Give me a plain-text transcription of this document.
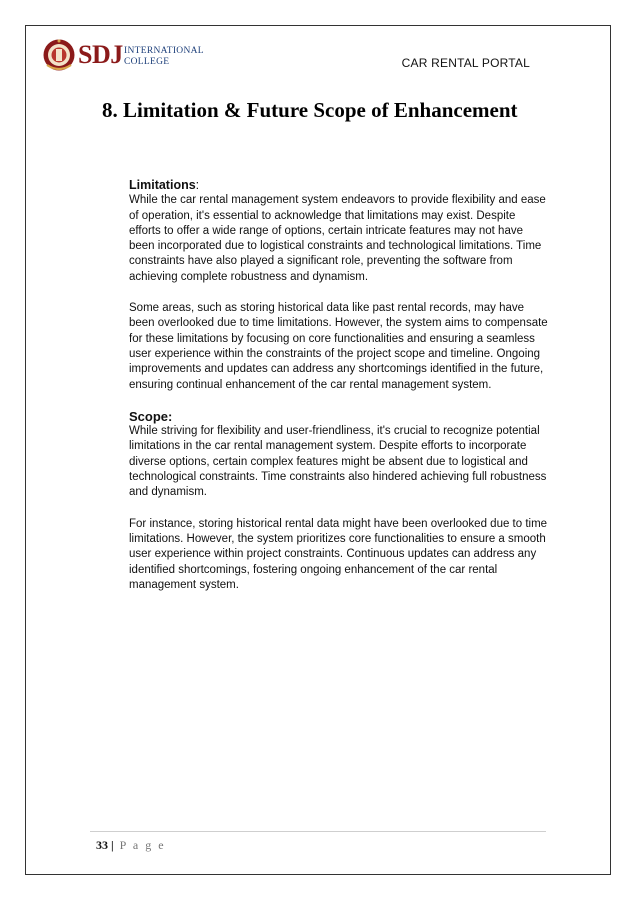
SDJ INTERNATIONAL
COLLEGE	CAR RENTAL PORTAL
8. Limitation & Future Scope of Enhancement
Limitations:

While the car rental management system endeavors to provide flexibility and ease of operation, it's essential to acknowledge that limitations may exist. Despite efforts to offer a wide range of options, certain intricate features may not have been incorporated due to logistical constraints and technological limitations. Time constraints have also played a significant role, preventing the software from achieving complete robustness and dynamism.

Some areas, such as storing historical data like past rental records, may have been overlooked due to time limitations. However, the system aims to compensate for these limitations by focusing on core functionalities and ensuring a seamless user experience within the constraints of the project scope and timeline. Ongoing improvements and updates can address any shortcomings identified in the future, ensuring continual enhancement of the car rental management system.

Scope:

While striving for flexibility and user-friendliness, it's crucial to recognize potential limitations in the car rental management system. Despite efforts to incorporate diverse options, certain complex features might be absent due to logistical and technological constraints. Time constraints also hindered achieving full robustness and dynamism.

For instance, storing historical rental data might have been overlooked due to time limitations. However, the system prioritizes core functionalities to ensure a smooth user experience within project constraints. Continuous updates can address any identified shortcomings, fostering ongoing enhancement of the car rental management system.

33 | P a g e
